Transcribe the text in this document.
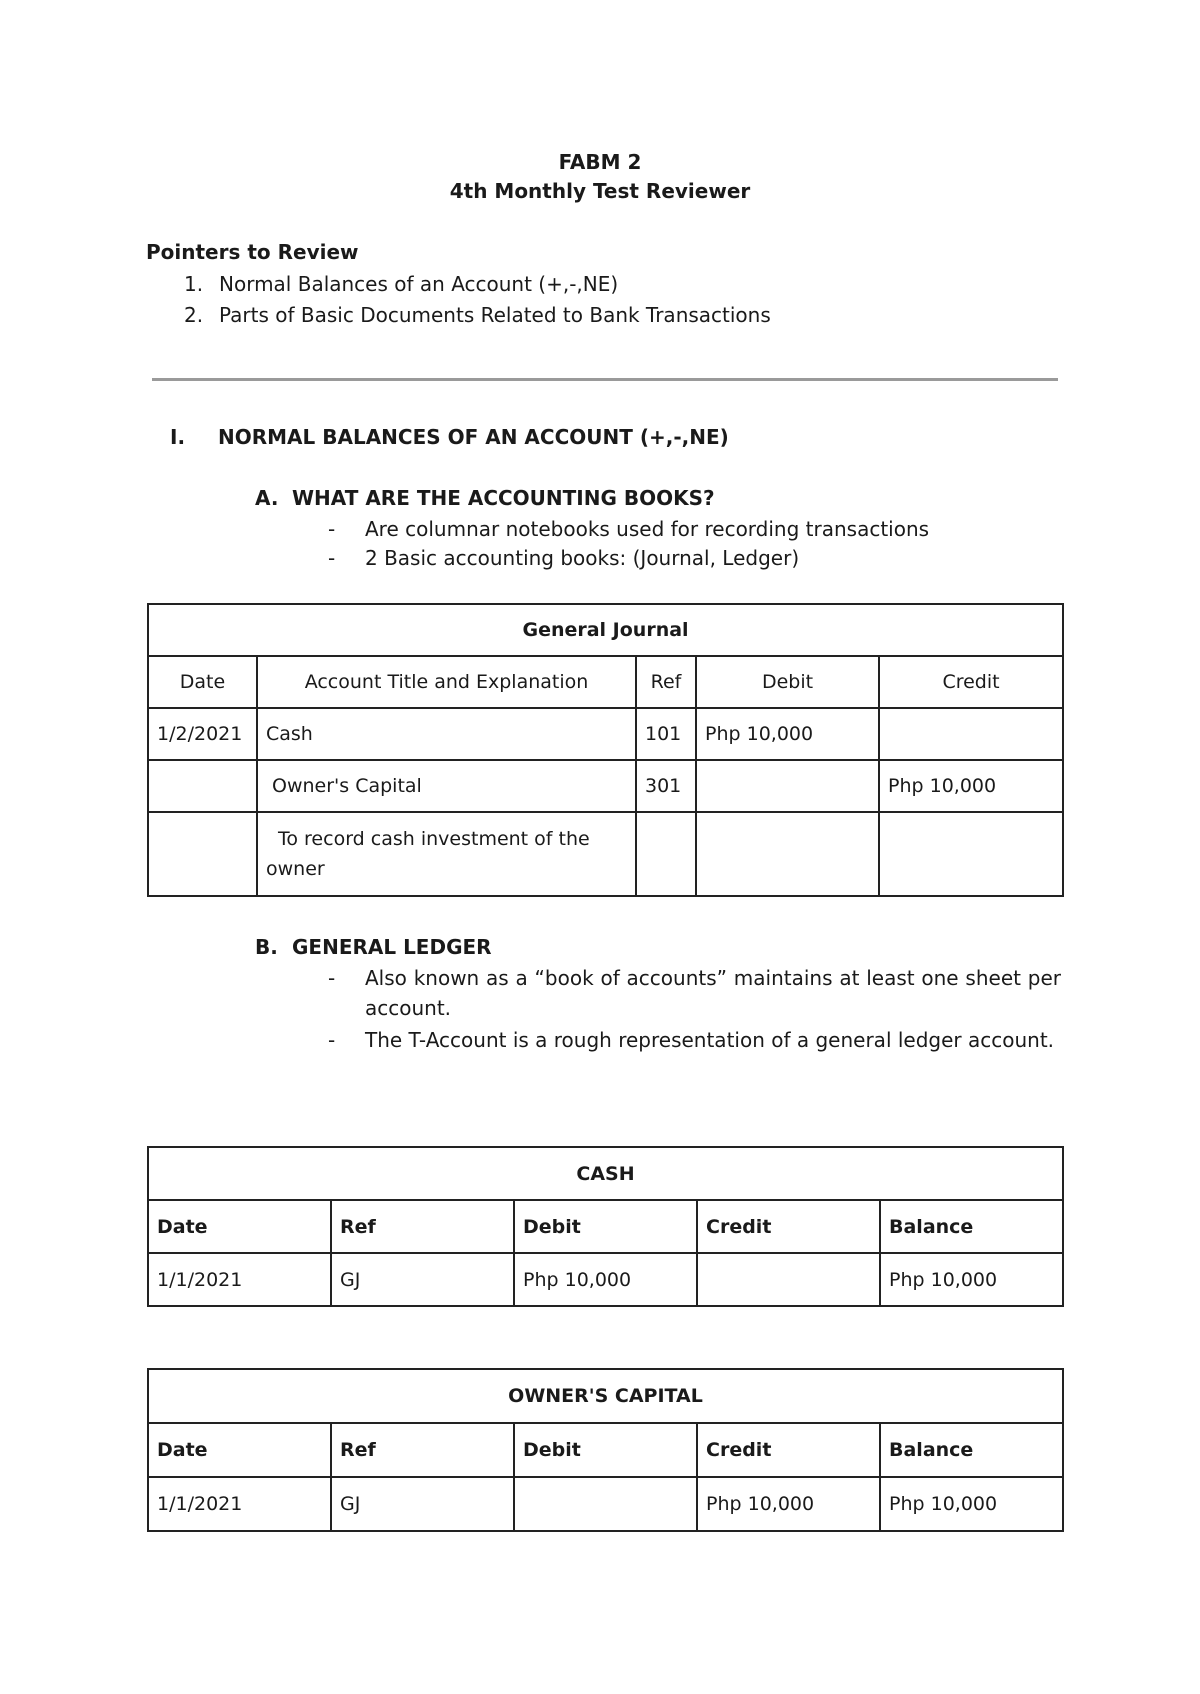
FABM 2
4th Monthly Test Reviewer
Pointers to Review
1. Normal Balances of an Account (+,-,NE)
2. Parts of Basic Documents Related to Bank Transactions
I. NORMAL BALANCES OF AN ACCOUNT (+,-,NE)
A. WHAT ARE THE ACCOUNTING BOOKS?
- Are columnar notebooks used for recording transactions
- 2 Basic accounting books: (Journal, Ledger)
General Journal				
Date	Account Title and Explanation	Ref	Debit	Credit
1/2/2021	Cash	101	Php 10,000	
	Owner's Capital	301		Php 10,000
	To record cash investment of the owner			
B. GENERAL LEDGER
- Also known as a “book of accounts” maintains at least one sheet per account.
- The T-Account is a rough representation of a general ledger account.
CASH				
Date	Ref	Debit	Credit	Balance
1/1/2021	GJ	Php 10,000		Php 10,000
OWNER'S CAPITAL				
Date	Ref	Debit	Credit	Balance
1/1/2021	GJ		Php 10,000	Php 10,000
